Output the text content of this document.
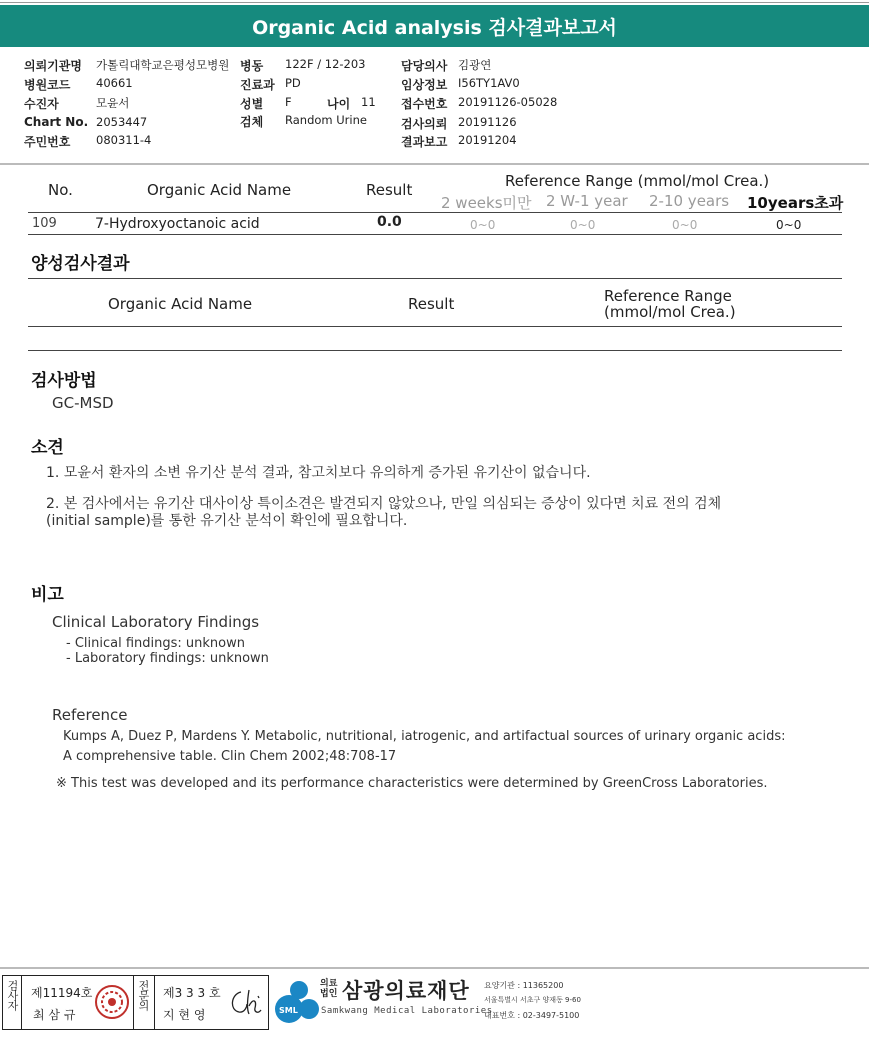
Organic Acid analysis 검사결과보고서
의뢰기관명 가톨릭대학교은평성모병원 병동 122F / 12-203	담당의사 김광연
병원코드 40661	진료과 PD	임상정보 I56TY1AV0
수진자	모윤서	성별 F	나이 11 접수번호 20191126-05028
Chart No. 2053447	검체 Random Urine	검사의뢰 20191126
주민번호 080311-4	결과보고 20191204
No.	Organic Acid Name	Result	Reference Range (mmol/mol Crea.)
2 weeks미만 2 W-1 year 2-10 years 10years초과
109	7-Hydroxyoctanoic acid	0.0	0~0	0~0	0~0	0~0
양성검사결과
Organic Acid Name	Result	Reference Range
(mmol/mol Crea.)
검사방법
GC-MSD
소견
1. 모윤서 환자의 소변 유기산 분석 결과, 참고치보다 유의하게 증가된 유기산이 없습니다.
2. 본 검사에서는 유기산 대사이상 특이소견은 발견되지 않았으나, 만일 의심되는 증상이 있다면 치료 전의 검체
(initial sample)를 통한 유기산 분석이 확인에 필요합니다.
비고
Clinical Laboratory Findings
- Clinical findings: unknown
- Laboratory findings: unknown
Reference
Kumps A, Duez P, Mardens Y. Metabolic, nutritional, iatrogenic, and artifactual sources of urinary organic acids:
A comprehensive table. Clin Chem 2002;48:708-17
※ This test was developed and its performance characteristics were determined by GreenCross Laboratories.
검사자 제11194호
최 삼 규
전문의 제3 3 3 호
지 현 영	SML
의료법인 삼광의료재단
Samkwang Medical Laboratories
요양기관 : 11365200
서울특별시 서초구 양재동 9-60
대표번호 : 02-3497-5100
